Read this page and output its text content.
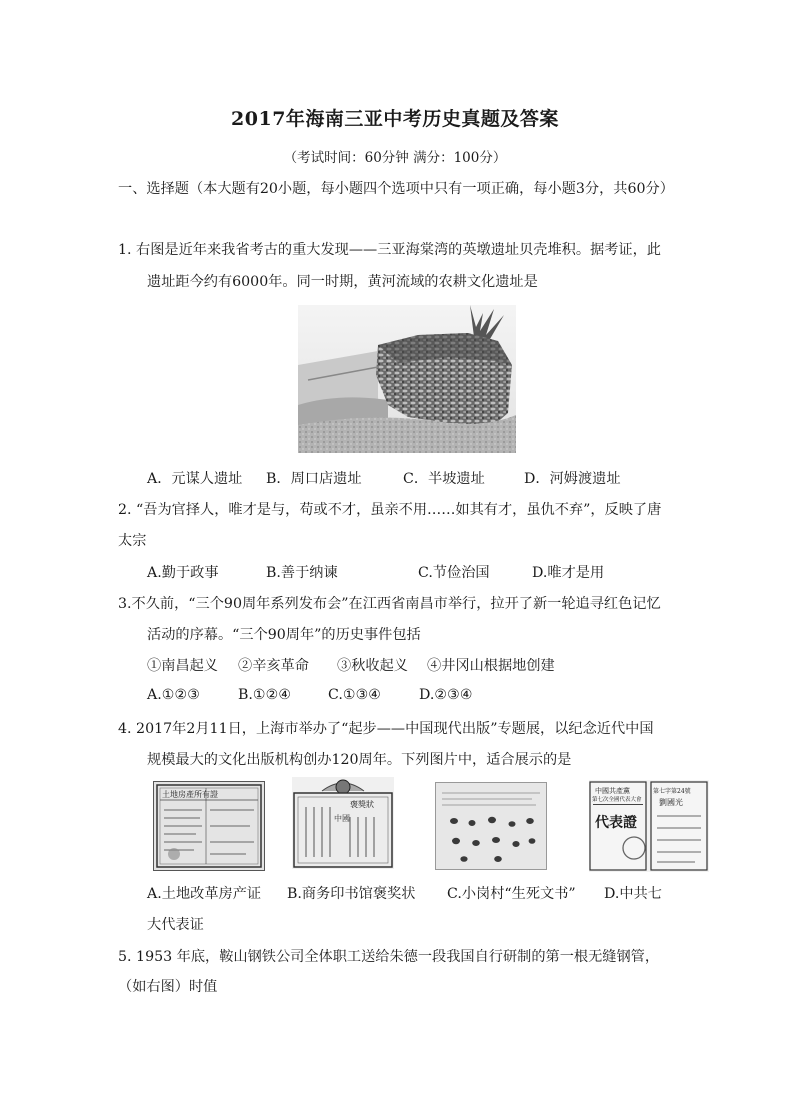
2017年海南三亚中考历史真题及答案
（考试时间：60分钟 满分：100分）
一、选择题（本大题有20小题，每小题四个选项中只有一项正确，每小题3分，共60分）
1. 右图是近年来我省考古的重大发现——三亚海棠湾的英墩遗址贝壳堆积。据考证，此
遗址距今约有6000年。同一时期，黄河流域的农耕文化遗址是
A．元谋人遗址 B．周口店遗址	C．半坡遗址	D．河姆渡遗址
2. “吾为官择人，唯才是与，苟或不才，虽亲不用……如其有才，虽仇不弃”，反映了唐
太宗
A.勤于政事	B.善于纳谏	C.节俭治国	D.唯才是用
3.不久前，“三个90周年系列发布会”在江西省南昌市举行，拉开了新一轮追寻红色记忆
活动的序幕。“三个90周年”的历史事件包括
①南昌起义 ②辛亥革命 ③秋收起义 ④井冈山根据地创建
A.①②③	B.①②④	C.①③④	D.②③④
4. 2017年2月11日，上海市举办了“起步——中国现代出版”专题展，以纪念近代中国
规模最大的文化出版机构创办120周年。下列图片中，适合展示的是
土地房產所有證
中國
褒獎狀
中國共產黨
第七次全國代表大會
代表證
第七字第24號
劉國光
A.土地改革房产证 B.商务印书馆褒奖状 C.小岗村“生死文书” D.中共七
大代表证
5. 1953 年底，鞍山钢铁公司全体职工送给朱德一段我国自行研制的第一根无缝钢管，
（如右图）时值
